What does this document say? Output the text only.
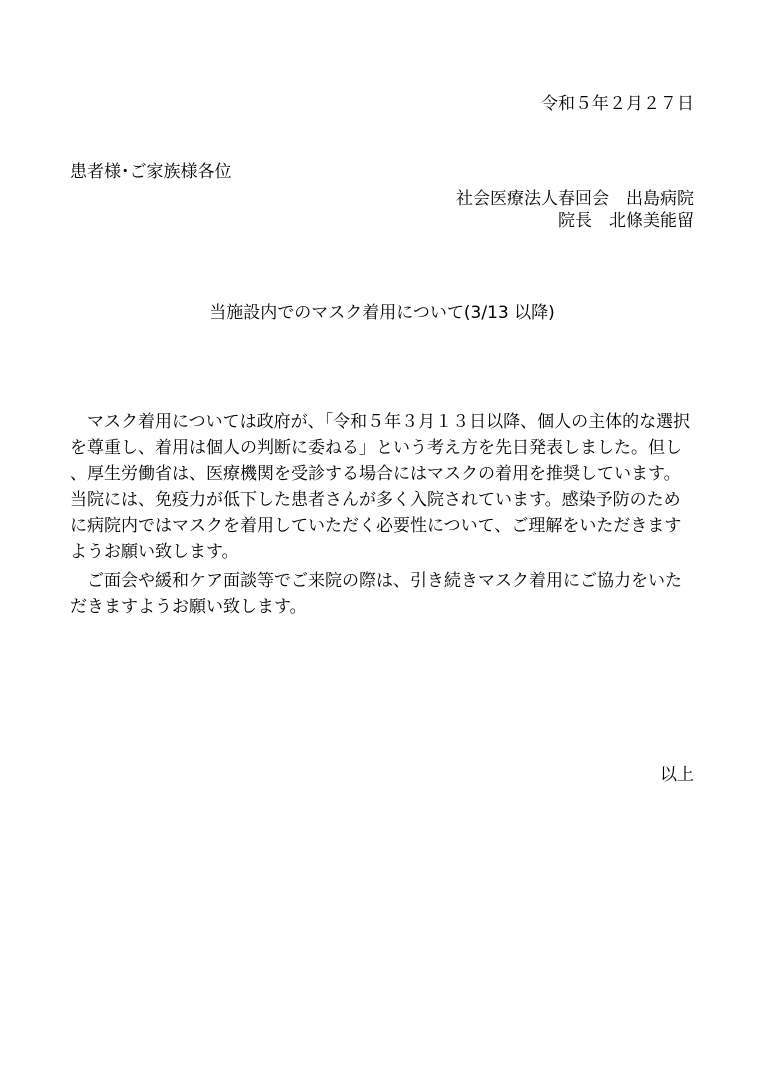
令和５年２月２７日
患者様･ご家族様各位
社会医療法人春回会　出島病院
院長　北條美能留
当施設内でのマスク着用について(3/13 以降)

マスク着用については政府が、「令和５年３月１３日以降、個人の主体的な選択を尊重し、着用は個人の判断に委ねる」という考え方を先日発表しました。但し、厚生労働省は、医療機関を受診する場合にはマスクの着用を推奨しています。当院には、免疫力が低下した患者さんが多く入院されています。感染予防のために病院内ではマスクを着用していただく必要性について、ご理解をいただきますようお願い致します。

ご面会や緩和ケア面談等でご来院の際は、引き続きマスク着用にご協力をいただきますようお願い致します。

以上
